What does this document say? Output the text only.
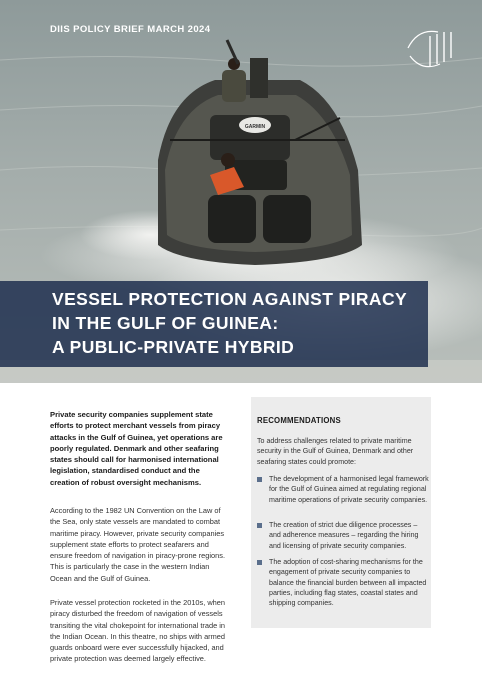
GARMIN
DIIS POLICY BRIEF MARCH 2024
VESSEL PROTECTION AGAINST PIRACY
IN THE GULF OF GUINEA:
A PUBLIC-PRIVATE HYBRID
Private security companies supplement state efforts to protect merchant vessels from piracy attacks in the Gulf of Guinea, yet operations are poorly regulated. Denmark and other seafaring states should call for harmonised international legislation, standardised conduct and the creation of robust oversight mechanisms.
According to the 1982 UN Convention on the Law of the Sea, only state vessels are mandated to combat maritime piracy. However, private security companies supplement state efforts to protect seafarers and ensure freedom of navigation in piracy-prone regions. This is particularly the case in the western Indian Ocean and the Gulf of Guinea.
Private vessel protection rocketed in the 2010s, when piracy disturbed the freedom of navigation of vessels transiting the vital chokepoint for international trade in the Indian Ocean. In this theatre, no ships with armed guards onboard were ever successfully hijacked, and private protection was deemed largely effective.
RECOMMENDATIONS
To address challenges related to private maritime security in the Gulf of Guinea, Denmark and other seafaring states could promote:
The development of a harmonised legal framework for the Gulf of Guinea aimed at regulating regional maritime operations of private security companies.
The creation of strict due diligence processes – and adherence measures – regarding the hiring and licensing of private security companies.
The adoption of cost-sharing mechanisms for the engagement of private security companies to balance the financial burden between all impacted parties, including flag states, coastal states and shipping companies.
